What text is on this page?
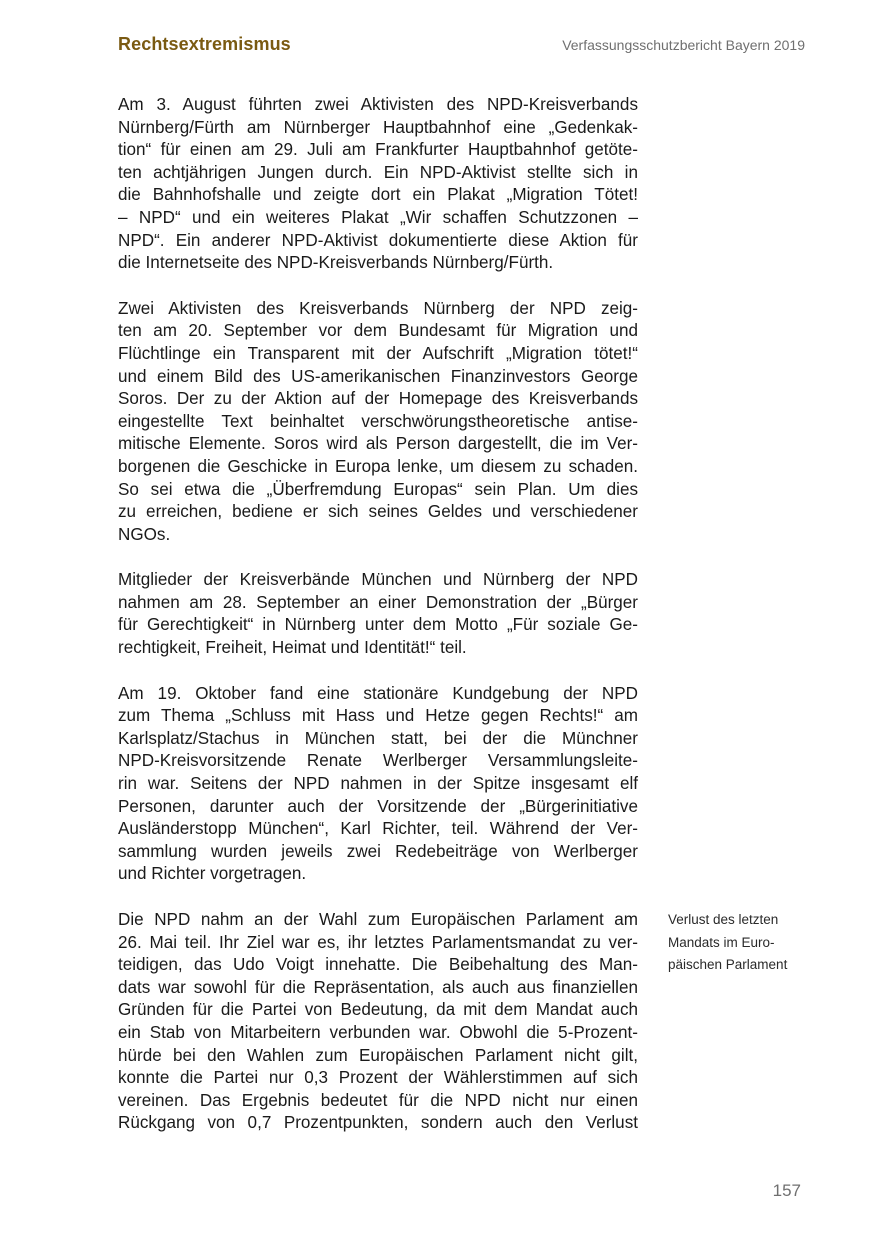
Rechtsextremismus	Verfassungsschutzbericht Bayern 2019
Am 3. August führten zwei Aktivisten des NPD-Kreisverbands
Nürnberg/Fürth am Nürnberger Hauptbahnhof eine „Gedenkak-
tion“ für einen am 29. Juli am Frankfurter Hauptbahnhof getöte-
ten achtjährigen Jungen durch. Ein NPD-Aktivist stellte sich in
die Bahnhofshalle und zeigte dort ein Plakat „Migration Tötet!
– NPD“ und ein weiteres Plakat „Wir schaffen Schutzzonen –
NPD“. Ein anderer NPD-Aktivist dokumentierte diese Aktion für
die Internetseite des NPD-Kreisverbands Nürnberg/Fürth.
Zwei Aktivisten des Kreisverbands Nürnberg der NPD zeig-
ten am 20. September vor dem Bundesamt für Migration und
Flüchtlinge ein Transparent mit der Aufschrift „Migration tötet!“
und einem Bild des US-amerikanischen Finanzinvestors George
Soros. Der zu der Aktion auf der Homepage des Kreisverbands
eingestellte Text beinhaltet verschwörungstheoretische antise-
mitische Elemente. Soros wird als Person dargestellt, die im Ver-
borgenen die Geschicke in Europa lenke, um diesem zu schaden.
So sei etwa die „Überfremdung Europas“ sein Plan. Um dies
zu erreichen, bediene er sich seines Geldes und verschiedener
NGOs.
Mitglieder der Kreisverbände München und Nürnberg der NPD
nahmen am 28. September an einer Demonstration der „Bürger
für Gerechtigkeit“ in Nürnberg unter dem Motto „Für soziale Ge-
rechtigkeit, Freiheit, Heimat und Identität!“ teil.
Am 19. Oktober fand eine stationäre Kundgebung der NPD
zum Thema „Schluss mit Hass und Hetze gegen Rechts!“ am
Karlsplatz/Stachus in München statt, bei der die Münchner
NPD-Kreisvorsitzende Renate Werlberger Versammlungsleite-
rin war. Seitens der NPD nahmen in der Spitze insgesamt elf
Personen, darunter auch der Vorsitzende der „Bürgerinitiative
Ausländerstopp München“, Karl Richter, teil. Während der Ver-
sammlung wurden jeweils zwei Redebeiträge von Werlberger
und Richter vorgetragen.
Die NPD nahm an der Wahl zum Europäischen Parlament am
26. Mai teil. Ihr Ziel war es, ihr letztes Parlamentsmandat zu ver-
teidigen, das Udo Voigt innehatte. Die Beibehaltung des Man-
dats war sowohl für die Repräsentation, als auch aus finanziellen
Gründen für die Partei von Bedeutung, da mit dem Mandat auch
ein Stab von Mitarbeitern verbunden war. Obwohl die 5-Prozent-
hürde bei den Wahlen zum Europäischen Parlament nicht gilt,
konnte die Partei nur 0,3 Prozent der Wählerstimmen auf sich
vereinen. Das Ergebnis bedeutet für die NPD nicht nur einen
Rückgang von 0,7 Prozentpunkten, sondern auch den Verlust
Verlust des letzten
Mandats im Euro-
päischen Parlament
157
